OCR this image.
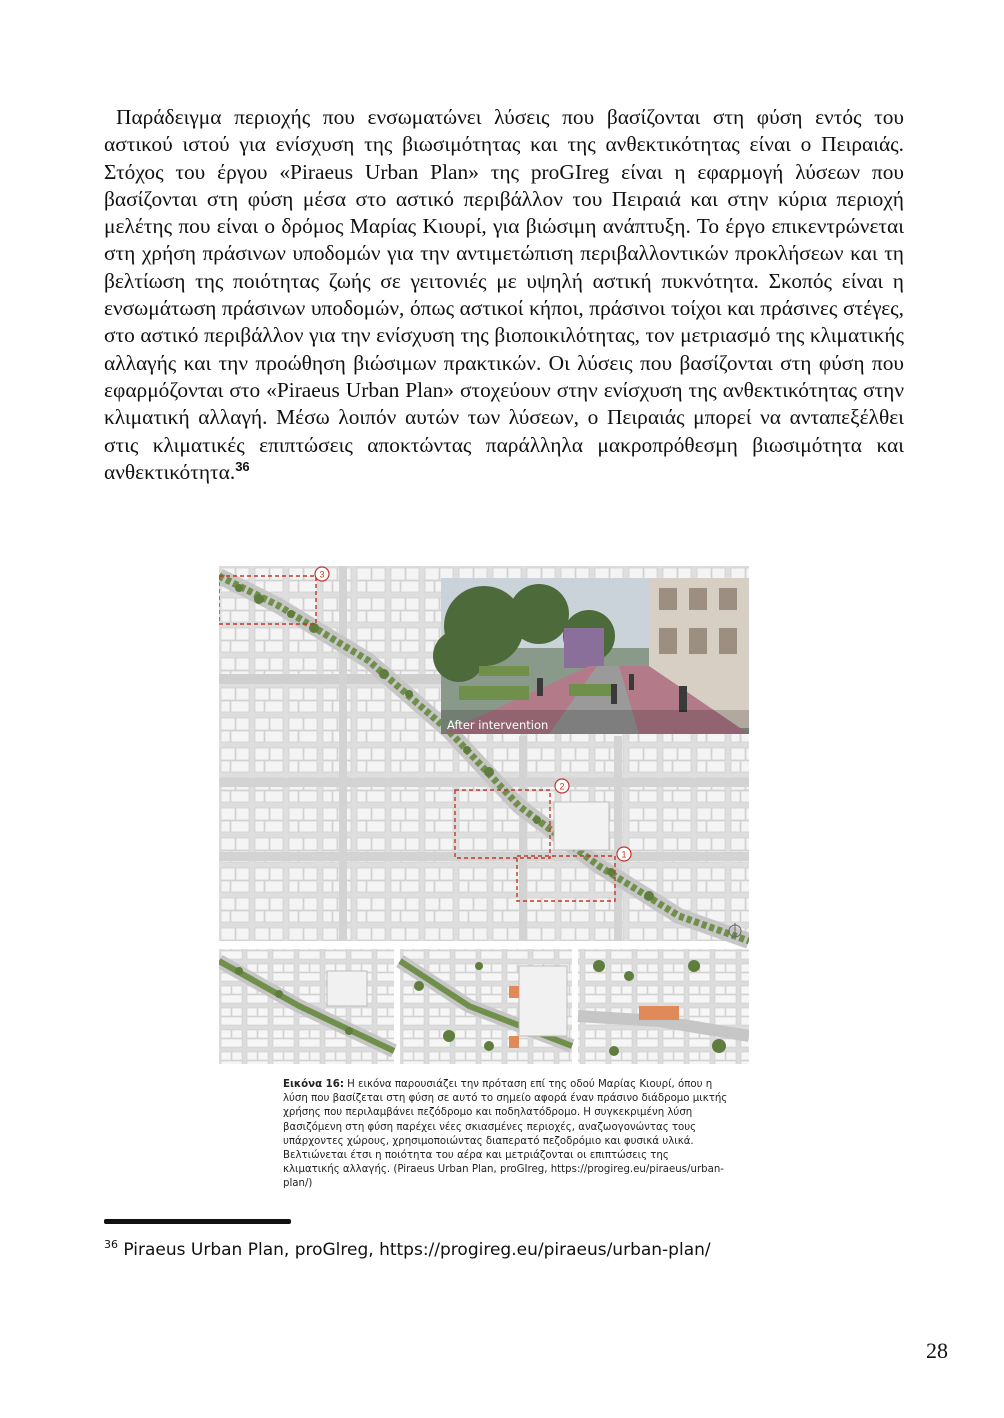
Παράδειγμα περιοχής που ενσωματώνει λύσεις που βασίζονται στη φύση εντός του αστικού ιστού για ενίσχυση της βιωσιμότητας και της ανθεκτικότητας είναι ο Πειραιάς. Στόχος του έργου «Piraeus Urban Plan» της proGIreg είναι η εφαρμογή λύσεων που βασίζονται στη φύση μέσα στο αστικό περιβάλλον του Πειραιά και στην κύρια περιοχή μελέτης που είναι ο δρόμος Μαρίας Κιουρί, για βιώσιμη ανάπτυξη. Το έργο επικεντρώνεται στη χρήση πράσινων υποδομών για την αντιμετώπιση περιβαλλοντικών προκλήσεων και τη βελτίωση της ποιότητας ζωής σε γειτονιές με υψηλή αστική πυκνότητα. Σκοπός είναι η ενσωμάτωση πράσινων υποδομών, όπως αστικοί κήποι, πράσινοι τοίχοι και πράσινες στέγες, στο αστικό περιβάλλον για την ενίσχυση της βιοποικιλότητας, τον μετριασμό της κλιματικής αλλαγής και την προώθηση βιώσιμων πρακτικών. Οι λύσεις που βασίζονται στη φύση που εφαρμόζονται στο «Piraeus Urban Plan» στοχεύουν στην ενίσχυση της ανθεκτικότητας στην κλιματική αλλαγή. Μέσω λοιπόν αυτών των λύσεων, ο Πειραιάς μπορεί να ανταπεξέλθει στις κλιματικές επιπτώσεις αποκτώντας παράλληλα μακροπρόθεσμη βιωσιμότητα και ανθεκτικότητα.$^{36}$

3
2
1
After intervention

Εικόνα 16: Η εικόνα παρουσιάζει την πρόταση επί της οδού Μαρίας Κιουρί, όπου η λύση που βασίζεται στη φύση σε αυτό το σημείο αφορά έναν πράσινο διάδρομο μικτής χρήσης που περιλαμβάνει πεζόδρομο και ποδηλατόδρομο. Η συγκεκριμένη λύση βασιζόμενη στη φύση παρέχει νέες σκιασμένες περιοχές, αναζωογονώντας τους υπάρχοντες χώρους, χρησιμοποιώντας διαπερατό πεζοδρόμιο και φυσικά υλικά. Βελτιώνεται έτσι η ποιότητα του αέρα και μετριάζονται οι επιπτώσεις της κλιματικής αλλαγής. (Piraeus Urban Plan, proGIreg, https://progireg.eu/piraeus/urban-plan/)

$^{36}$ Piraeus Urban Plan, proGlreg, https://progireg.eu/piraeus/urban-plan/

28
